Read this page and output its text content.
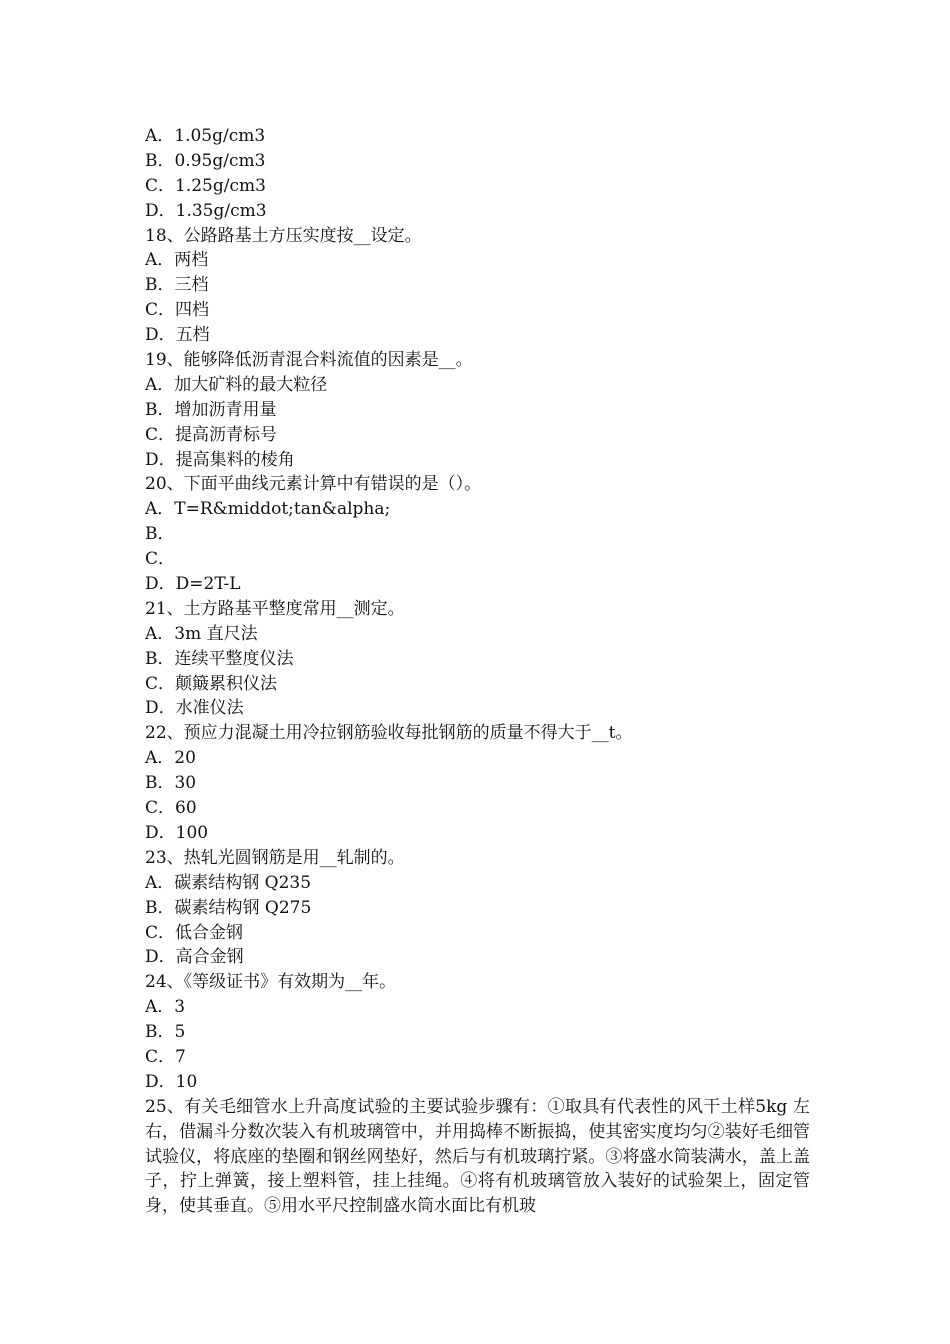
A．1.05g/cm3
B．0.95g/cm3
C．1.25g/cm3
D．1.35g/cm3
18、公路路基土方压实度按__设定。
A．两档
B．三档
C．四档
D．五档
19、能够降低沥青混合料流值的因素是__。
A．加大矿料的最大粒径
B．增加沥青用量
C．提高沥青标号
D．提高集料的棱角
20、下面平曲线元素计算中有错误的是（）。
A．T=R&middot;tan&alpha;
B．
C．
D．D=2T-L
21、土方路基平整度常用__测定。
A．3m 直尺法
B．连续平整度仪法
C．颠簸累积仪法
D．水准仪法
22、预应力混凝土用冷拉钢筋验收每批钢筋的质量不得大于__t。
A．20
B．30
C．60
D．100
23、热轧光圆钢筋是用__轧制的。
A．碳素结构钢 Q235
B．碳素结构钢 Q275
C．低合金钢
D．高合金钢
24、《等级证书》有效期为__年。
A．3
B．5
C．7
D．10
25、有关毛细管水上升高度试验的主要试验步骤有：①取具有代表性的风干土样5kg 左右，借漏斗分数次装入有机玻璃管中，并用捣棒不断振捣，使其密实度均匀②装好毛细管试验仪，将底座的垫圈和钢丝网垫好，然后与有机玻璃拧紧。③将盛水筒装满水，盖上盖子，拧上弹簧，接上塑料管，挂上挂绳。④将有机玻璃管放入装好的试验架上，固定管身，使其垂直。⑤用水平尺控制盛水筒水面比有机玻
